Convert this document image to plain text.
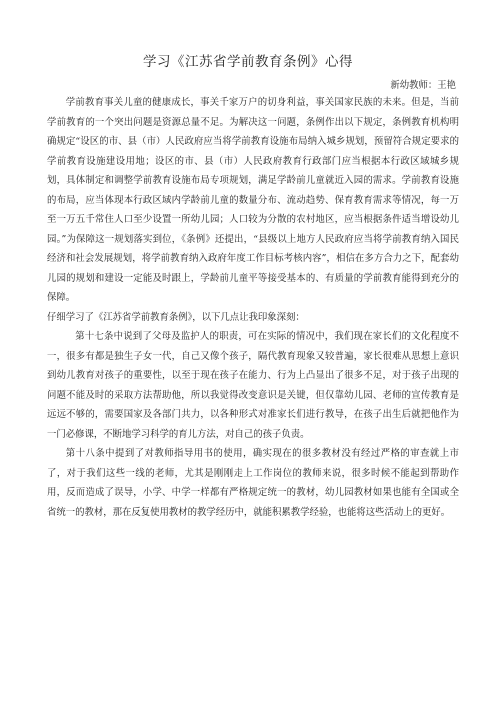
学习《江苏省学前教育条例》心得
新幼教师：王艳

学前教育事关儿童的健康成长，事关千家万户的切身利益，事关国家民族的未来。但是，当前学前教育的一个突出问题是资源总量不足。为解决这一问题，条例作出以下规定，条例教育机构明确规定“设区的市、县（市）人民政府应当将学前教育设施布局纳入城乡规划，预留符合规定要求的学前教育设施建设用地；设区的市、县（市）人民政府教育行政部门应当根据本行政区域城乡规划，具体制定和调整学前教育设施布局专项规划，满足学龄前儿童就近入园的需求。学前教育设施的布局，应当体现本行政区域内学龄前儿童的数量分布、流动趋势、保育教育需求等情况，每一万至一万五千常住人口至少设置一所幼儿园；人口较为分散的农村地区，应当根据条件适当增设幼儿园。”为保障这一规划落实到位，《条例》还提出，“县级以上地方人民政府应当将学前教育纳入国民经济和社会发展规划，将学前教育纳入政府年度工作目标考核内容”，相信在多方合力之下，配套幼儿园的规划和建设一定能及时跟上，学龄前儿童平等接受基本的、有质量的学前教育能得到充分的保障。

仔细学习了《江苏省学前教育条例》，以下几点让我印象深刻：

第十七条中说到了父母及监护人的职责，可在实际的情况中，我们现在家长们的文化程度不一，很多有都是独生子女一代，自己又像个孩子，隔代教育现象又较普遍，家长很难从思想上意识到幼儿教育对孩子的重要性，以至于现在孩子在能力、行为上凸显出了很多不足，对于孩子出现的问题不能及时的采取方法帮助他，所以我觉得改变意识是关键，但仅靠幼儿园、老师的宣传教育是远远不够的，需要国家及各部门共力，以各种形式对准家长们进行教导，在孩子出生后就把他作为一门必修课，不断地学习科学的育儿方法，对自己的孩子负责。

第十八条中提到了对教师指导用书的使用，确实现在的很多教材没有经过严格的审查就上市了，对于我们这些一线的老师，尤其是刚刚走上工作岗位的教师来说，很多时候不能起到帮助作用，反而造成了误导，小学、中学一样都有严格规定统一的教材，幼儿园教材如果也能有全国或全省统一的教材，那在反复使用教材的教学经历中，就能积累教学经验，也能将这些活动上的更好。
